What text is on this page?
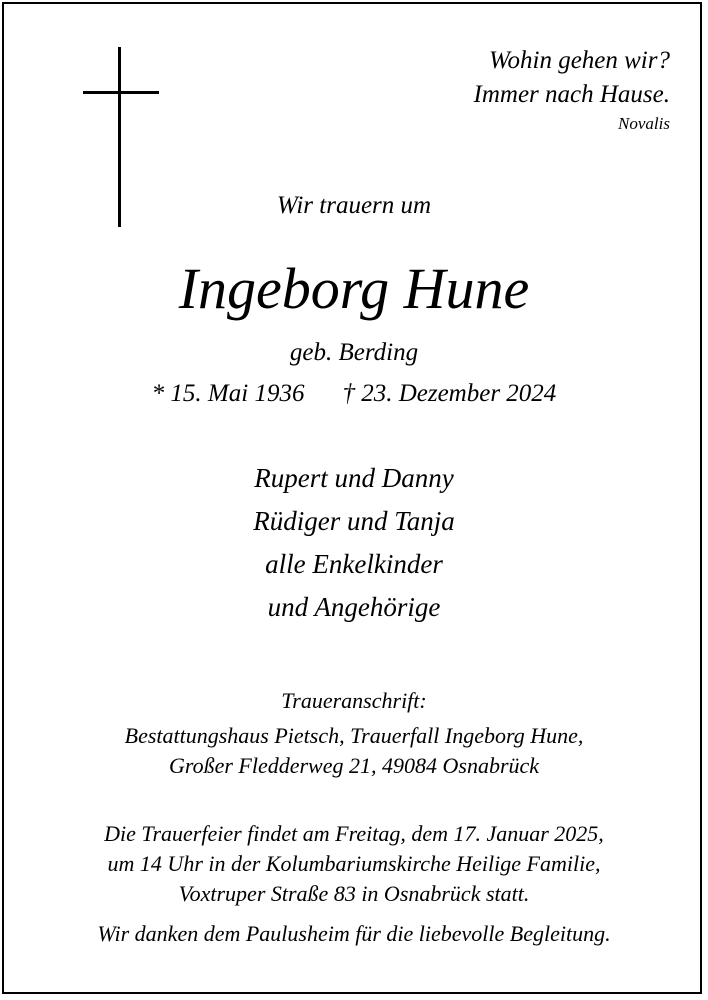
Wohin gehen wir?
Immer nach Hause.
Novalis
Wir trauern um
Ingeborg Hune
geb. Berding
* 15. Mai 1936 † 23. Dezember 2024
Rupert und Danny
Rüdiger und Tanja
alle Enkelkinder
und Angehörige
Traueranschrift:
Bestattungshaus Pietsch, Trauerfall Ingeborg Hune,
Großer Fledderweg 21, 49084 Osnabrück
Die Trauerfeier findet am Freitag, dem 17. Januar 2025,
um 14 Uhr in der Kolumbariumskirche Heilige Familie,
Voxtruper Straße 83 in Osnabrück statt.
Wir danken dem Paulusheim für die liebevolle Begleitung.
